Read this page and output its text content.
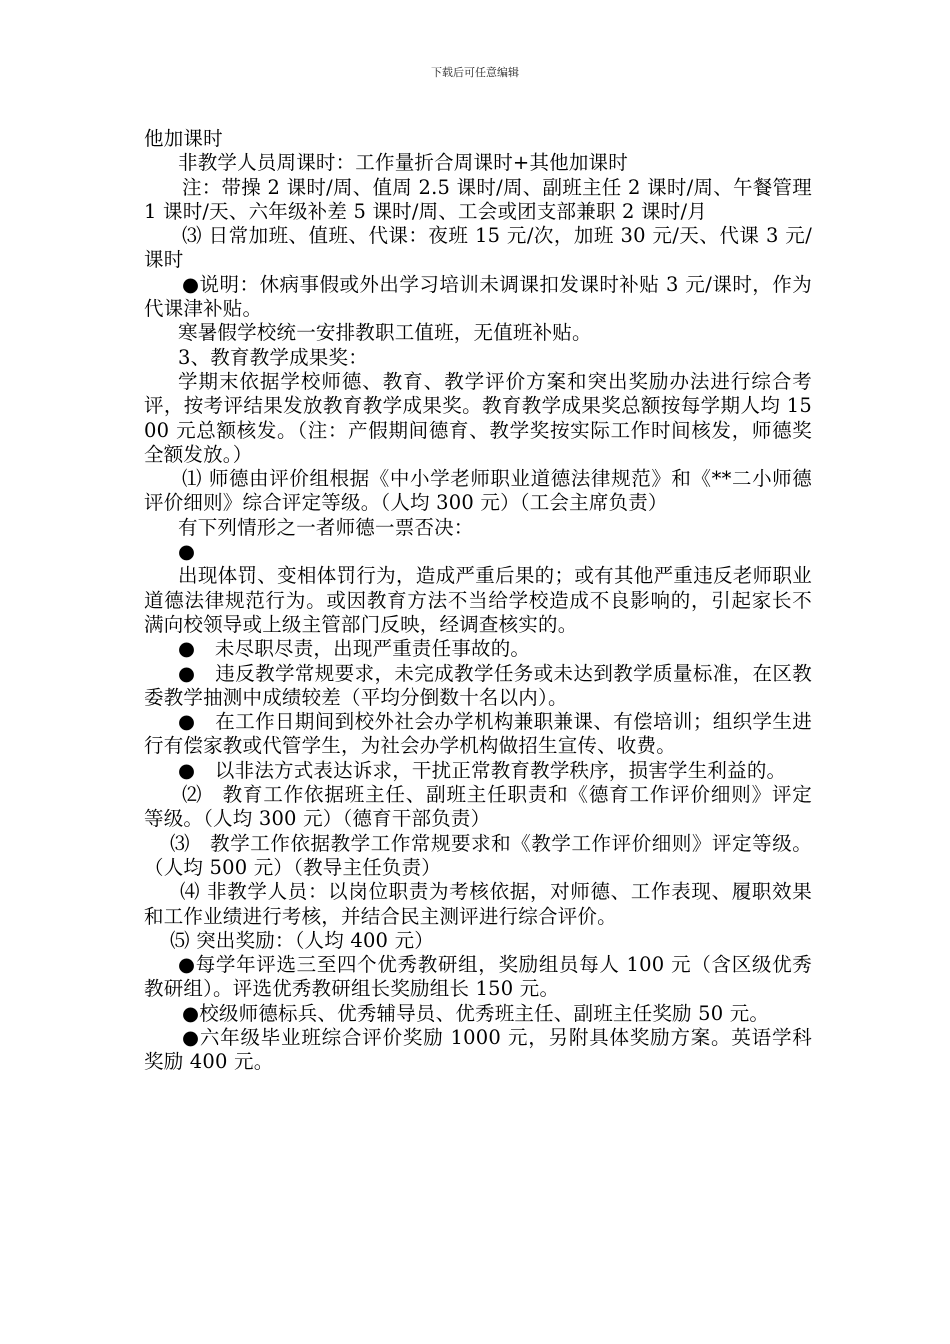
下载后可任意编辑

他加课时

非教学人员周课时：工作量折合周课时+其他加课时

注：带操 2 课时/周、值周 2.5 课时/周、副班主任 2 课时/周、午餐管理 1 课时/天、六年级补差 5 课时/周、工会或团支部兼职 2 课时/月

⑶ 日常加班、值班、代课：夜班 15 元/次，加班 30 元/天、代课 3 元/课时

●说明：休病事假或外出学习培训未调课扣发课时补贴 3 元/课时，作为代课津补贴。

寒暑假学校统一安排教职工值班，无值班补贴。

3、教育教学成果奖：

学期末依据学校师德、教育、教学评价方案和突出奖励办法进行综合考评，按考评结果发放教育教学成果奖。教育教学成果奖总额按每学期人均 1500 元总额核发。（注：产假期间德育、教学奖按实际工作时间核发，师德奖全额发放。）

⑴ 师德由评价组根据《中小学老师职业道德法律规范》和《**二小师德评价细则》综合评定等级。（人均 300 元）（工会主席负责）

有下列情形之一者师德一票否决：

●

出现体罚、变相体罚行为，造成严重后果的；或有其他严重违反老师职业道德法律规范行为。或因教育方法不当给学校造成不良影响的，引起家长不满向校领导或上级主管部门反映，经调查核实的。

●　未尽职尽责，出现严重责任事故的。

●　违反教学常规要求，未完成教学任务或未达到教学质量标准，在区教委教学抽测中成绩较差（平均分倒数十名以内）。

●　在工作日期间到校外社会办学机构兼职兼课、有偿培训；组织学生进行有偿家教或代管学生，为社会办学机构做招生宣传、收费。

●　以非法方式表达诉求，干扰正常教育教学秩序，损害学生利益的。

⑵　教育工作依据班主任、副班主任职责和《德育工作评价细则》评定等级。（人均 300 元）（德育干部负责）

⑶　教学工作依据教学工作常规要求和《教学工作评价细则》评定等级。（人均 500 元）（教导主任负责）

⑷ 非教学人员：以岗位职责为考核依据，对师德、工作表现、履职效果和工作业绩进行考核，并结合民主测评进行综合评价。

⑸ 突出奖励：（人均 400 元）

●每学年评选三至四个优秀教研组，奖励组员每人 100 元（含区级优秀教研组）。评选优秀教研组长奖励组长 150 元。

●校级师德标兵、优秀辅导员、优秀班主任、副班主任奖励 50 元。

●六年级毕业班综合评价奖励 1000 元，另附具体奖励方案。英语学科奖励 400 元。
